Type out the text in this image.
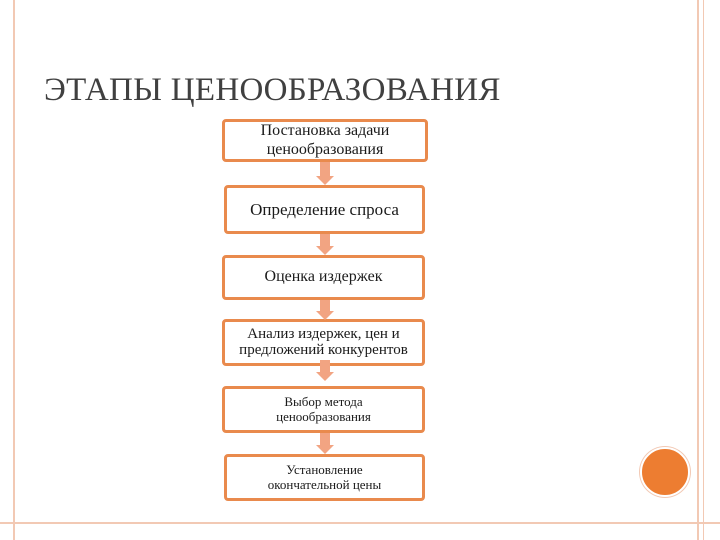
ЭТАПЫ ЦЕНООБРАЗОВАНИЯ
Постановка задачи ценообразования
Определение спроса
Оценка издержек
Анализ издержек, цен и предложений конкурентов
Выбор метода ценообразования
Установление окончательной цены
